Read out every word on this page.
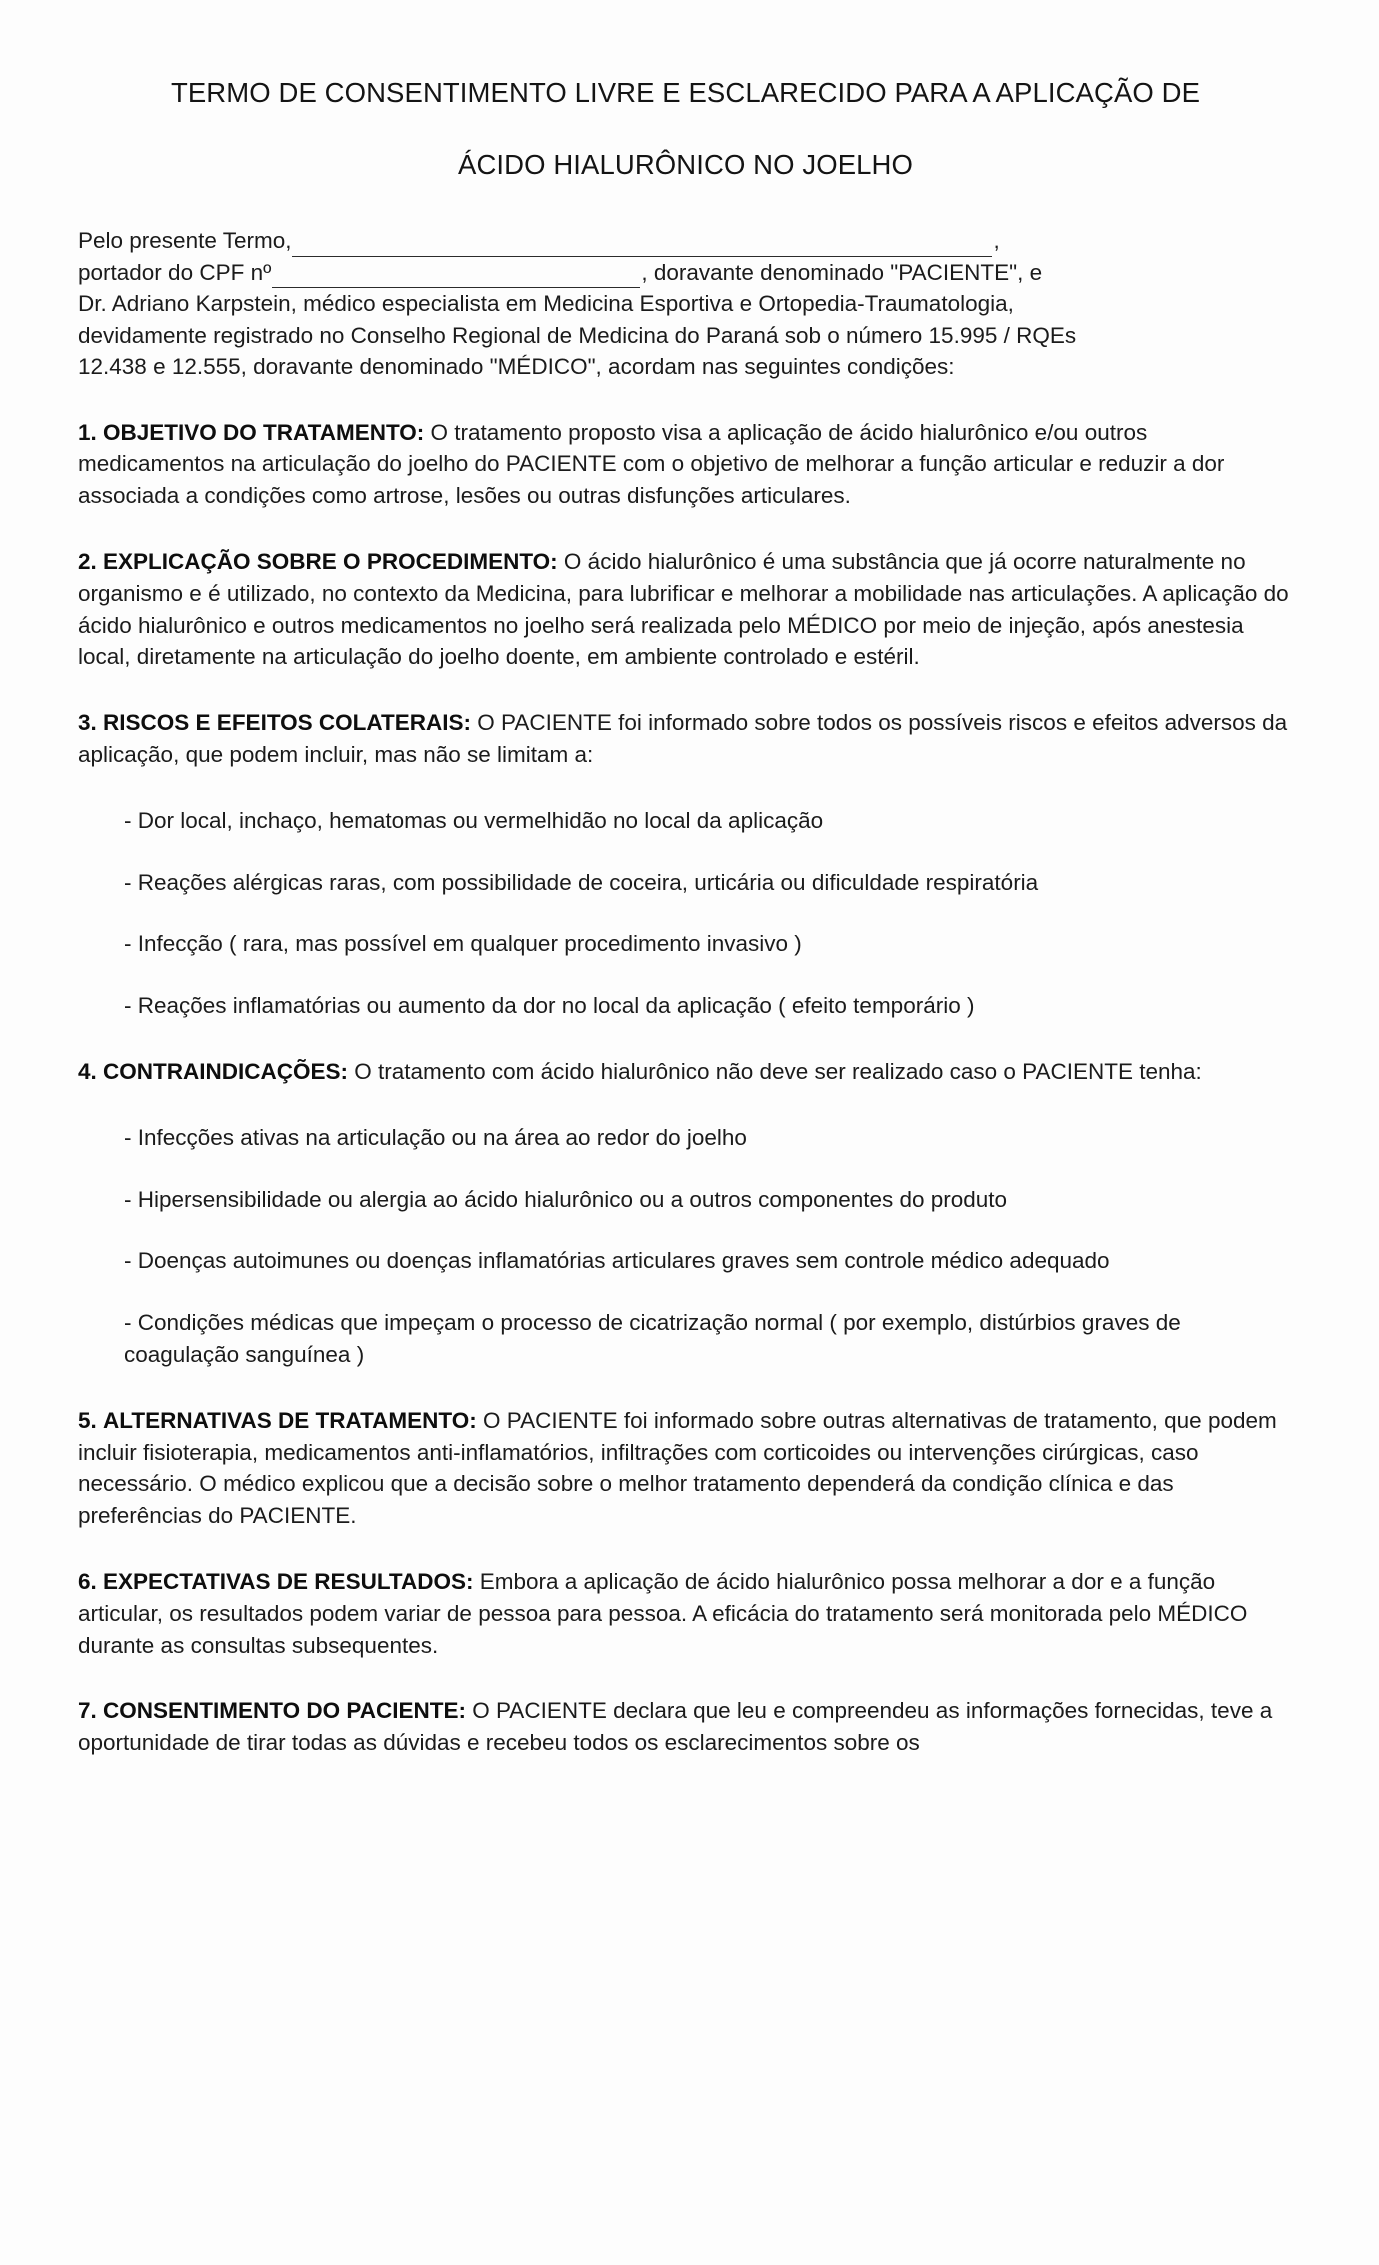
TERMO DE CONSENTIMENTO LIVRE E ESCLARECIDO PARA A APLICAÇÃO DE
ÁCIDO HIALURÔNICO NO JOELHO
Pelo presente Termo,	,
portador do CPF nº	, doravante denominado "PACIENTE", e
Dr. Adriano Karpstein, médico especialista em Medicina Esportiva e Ortopedia-Traumatologia,
devidamente registrado no Conselho Regional de Medicina do Paraná sob o número 15.995 / RQEs
12.438 e 12.555, doravante denominado "MÉDICO", acordam nas seguintes condições:

1. OBJETIVO DO TRATAMENTO: O tratamento proposto visa a aplicação de ácido hialurônico e/ou outros medicamentos na articulação do joelho do PACIENTE com o objetivo de melhorar a função articular e reduzir a dor associada a condições como artrose, lesões ou outras disfunções articulares.

2. EXPLICAÇÃO SOBRE O PROCEDIMENTO: O ácido hialurônico é uma substância que já ocorre naturalmente no organismo e é utilizado, no contexto da Medicina, para lubrificar e melhorar a mobilidade nas articulações. A aplicação do ácido hialurônico e outros medicamentos no joelho será realizada pelo MÉDICO por meio de injeção, após anestesia local, diretamente na articulação do joelho doente, em ambiente controlado e estéril.

3. RISCOS E EFEITOS COLATERAIS: O PACIENTE foi informado sobre todos os possíveis riscos e efeitos adversos da aplicação, que podem incluir, mas não se limitam a:

- Dor local, inchaço, hematomas ou vermelhidão no local da aplicação

- Reações alérgicas raras, com possibilidade de coceira, urticária ou dificuldade respiratória

- Infecção ( rara, mas possível em qualquer procedimento invasivo )

- Reações inflamatórias ou aumento da dor no local da aplicação ( efeito temporário )

4. CONTRAINDICAÇÕES: O tratamento com ácido hialurônico não deve ser realizado caso o PACIENTE tenha:

- Infecções ativas na articulação ou na área ao redor do joelho

- Hipersensibilidade ou alergia ao ácido hialurônico ou a outros componentes do produto

- Doenças autoimunes ou doenças inflamatórias articulares graves sem controle médico adequado

- Condições médicas que impeçam o processo de cicatrização normal ( por exemplo, distúrbios graves de coagulação sanguínea )

5. ALTERNATIVAS DE TRATAMENTO: O PACIENTE foi informado sobre outras alternativas de tratamento, que podem incluir fisioterapia, medicamentos anti-inflamatórios, infiltrações com corticoides ou intervenções cirúrgicas, caso necessário. O médico explicou que a decisão sobre o melhor tratamento dependerá da condição clínica e das preferências do PACIENTE.

6. EXPECTATIVAS DE RESULTADOS: Embora a aplicação de ácido hialurônico possa melhorar a dor e a função articular, os resultados podem variar de pessoa para pessoa. A eficácia do tratamento será monitorada pelo MÉDICO durante as consultas subsequentes.

7. CONSENTIMENTO DO PACIENTE: O PACIENTE declara que leu e compreendeu as informações fornecidas, teve a oportunidade de tirar todas as dúvidas e recebeu todos os esclarecimentos sobre os
